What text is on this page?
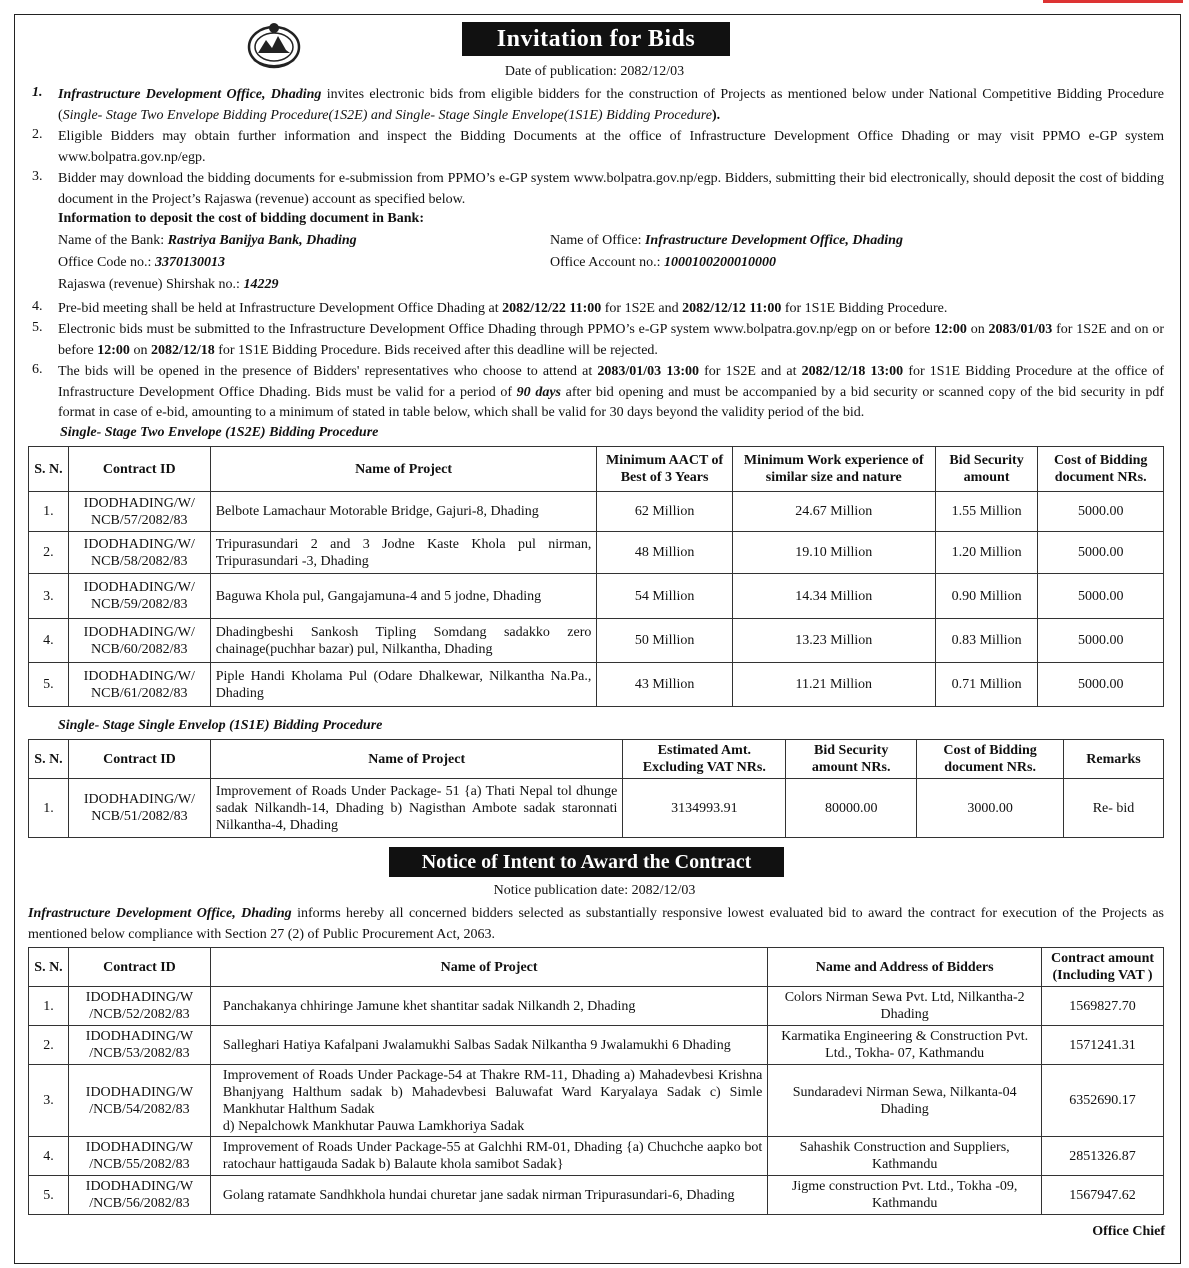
Invitation for Bids
Date of publication: 2082/12/03
1. Infrastructure Development Office, Dhading invites electronic bids from eligible bidders for the construction of Projects as mentioned below under National Competitive Bidding Procedure (Single- Stage Two Envelope Bidding Procedure(1S2E) and Single- Stage Single Envelope(1S1E) Bidding Procedure).
2. Eligible Bidders may obtain further information and inspect the Bidding Documents at the office of Infrastructure Development Office Dhading or may visit PPMO e-GP system www.bolpatra.gov.np/egp.
3. Bidder may download the bidding documents for e-submission from PPMO’s e-GP system www.bolpatra.gov.np/egp. Bidders, submitting their bid electronically, should deposit the cost of bidding document in the Project’s Rajaswa (revenue) account as specified below.
Information to deposit the cost of bidding document in Bank:
Name of the Bank: Rastriya Banijya Bank, Dhading	Name of Office: Infrastructure Development Office, Dhading
Office Code no.: 3370130013	Office Account no.: 1000100200010000
Rajaswa (revenue) Shirshak no.: 14229
4. Pre-bid meeting shall be held at Infrastructure Development Office Dhading at 2082/12/22 11:00 for 1S2E and 2082/12/12 11:00 for 1S1E Bidding Procedure.
5. Electronic bids must be submitted to the Infrastructure Development Office Dhading through PPMO’s e-GP system www.bolpatra.gov.np/egp on or before 12:00 on 2083/01/03 for 1S2E and on or before 12:00 on 2082/12/18 for 1S1E Bidding Procedure. Bids received after this deadline will be rejected.
6. The bids will be opened in the presence of Bidders' representatives who choose to attend at 2083/01/03 13:00 for 1S2E and at 2082/12/18 13:00 for 1S1E Bidding Procedure at the office of Infrastructure Development Office Dhading. Bids must be valid for a period of 90 days after bid opening and must be accompanied by a bid security or scanned copy of the bid security in pdf format in case of e-bid, amounting to a minimum of stated in table below, which shall be valid for 30 days beyond the validity period of the bid.
Single- Stage Two Envelope (1S2E) Bidding Procedure
S. N.	Contract ID	Name of Project	Minimum AACT of Best of 3 Years	Minimum Work experience of similar size and nature	Bid Security amount	Cost of Bidding document NRs.
1.	IDODHADING/W/ NCB/57/2082/83	Belbote Lamachaur Motorable Bridge, Gajuri-8, Dhading	62 Million	24.67 Million	1.55 Million	5000.00
2.	IDODHADING/W/ NCB/58/2082/83	Tripurasundari 2 and 3 Jodne Kaste Khola pul nirman, Tripurasundari -3, Dhading	48 Million	19.10 Million	1.20 Million	5000.00
3.	IDODHADING/W/ NCB/59/2082/83	Baguwa Khola pul, Gangajamuna-4 and 5 jodne, Dhading	54 Million	14.34 Million	0.90 Million	5000.00
4.	IDODHADING/W/ NCB/60/2082/83	Dhadingbeshi Sankosh Tipling Somdang sadakko zero chainage(puchhar bazar) pul, Nilkantha, Dhading	50 Million	13.23 Million	0.83 Million	5000.00
5.	IDODHADING/W/ NCB/61/2082/83	Piple Handi Kholama Pul (Odare Dhalkewar, Nilkantha Na.Pa., Dhading	43 Million	11.21 Million	0.71 Million	5000.00
Single- Stage Single Envelop (1S1E) Bidding Procedure
S. N.	Contract ID	Name of Project	Estimated Amt. Excluding VAT NRs.	Bid Security amount NRs.	Cost of Bidding document NRs.	Remarks
1.	IDODHADING/W/ NCB/51/2082/83	Improvement of Roads Under Package- 51 {a) Thati Nepal tol dhunge sadak Nilkandh-14, Dhading b) Nagisthan Ambote sadak staronnati Nilkantha-4, Dhading	3134993.91	80000.00	3000.00	Re- bid
Notice of Intent to Award the Contract
Notice publication date: 2082/12/03
Infrastructure Development Office, Dhading informs hereby all concerned bidders selected as substantially responsive lowest evaluated bid to award the contract for execution of the Projects as mentioned below compliance with Section 27 (2) of Public Procurement Act, 2063.
S. N.	Contract ID	Name of Project	Name and Address of Bidders	Contract amount (Including VAT )
1.	IDODHADING/W /NCB/52/2082/83	Panchakanya chhiringe Jamune khet shantitar sadak Nilkandh 2, Dhading	Colors Nirman Sewa Pvt. Ltd, Nilkantha-2 Dhading	1569827.70
2.	IDODHADING/W /NCB/53/2082/83	Salleghari Hatiya Kafalpani Jwalamukhi Salbas Sadak Nilkantha 9 Jwalamukhi 6 Dhading	Karmatika Engineering & Construction Pvt. Ltd., Tokha- 07, Kathmandu	1571241.31
3.	IDODHADING/W /NCB/54/2082/83	Improvement of Roads Under Package-54 at Thakre RM-11, Dhading a) Mahadevbesi Krishna Bhanjyang Halthum sadak b) Mahadevbesi Baluwafat Ward Karyalaya Sadak c) Simle Mankhutar Halthum Sadak
d) Nepalchowk Mankhutar Pauwa Lamkhoriya Sadak	Sundaradevi Nirman Sewa, Nilkanta-04 Dhading	6352690.17
4.	IDODHADING/W /NCB/55/2082/83	Improvement of Roads Under Package-55 at Galchhi RM-01, Dhading {a) Chuchche aapko bot ratochaur hattigauda Sadak b) Balaute khola samibot Sadak}	Sahashik Construction and Suppliers, Kathmandu	2851326.87
5.	IDODHADING/W /NCB/56/2082/83	Golang ratamate Sandhkhola hundai churetar jane sadak nirman Tripurasundari-6, Dhading	Jigme construction Pvt. Ltd., Tokha -09, Kathmandu	1567947.62
Office Chief
